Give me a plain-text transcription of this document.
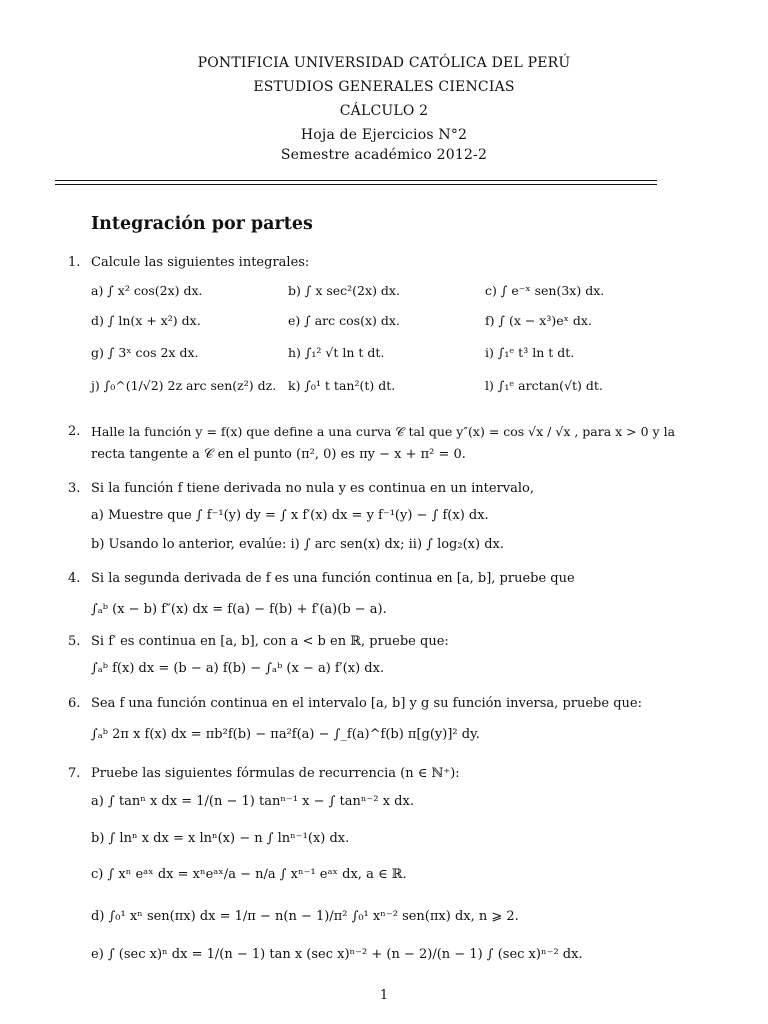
PONTIFICIA UNIVERSIDAD CATÓLICA DEL PERÚ
ESTUDIOS GENERALES CIENCIAS
CÁLCULO 2
Hoja de Ejercicios N°2
Semestre académico 2012-2
Integración por partes
1. Calcule las siguientes integrales:
a) ∫ x² cos(2x) dx.	b) ∫ x sec²(2x) dx.	c) ∫ e⁻ˣ sen(3x) dx.
d) ∫ ln(x + x²) dx.	e) ∫ arc cos(x) dx.	f) ∫ (x − x³)eˣ dx.
g) ∫ 3ˣ cos 2x dx.	h) ∫₁² √t ln t dt.	i) ∫₁ᵉ t³ ln t dt.
j) ∫₀^(1/√2) 2z arc sen(z²) dz. k) ∫₀¹ t tan²(t) dt.	l) ∫₁ᵉ arctan(√t) dt.
2. Halle la función y = f(x) que define a una curva 𝒞 tal que y″(x) = cos √x / √x , para x > 0 y la
recta tangente a 𝒞 en el punto (π², 0) es πy − x + π² = 0.
3. Si la función f tiene derivada no nula y es continua en un intervalo,
a) Muestre que ∫ f⁻¹(y) dy = ∫ x f′(x) dx = y f⁻¹(y) − ∫ f(x) dx.
b) Usando lo anterior, evalúe: i) ∫ arc sen(x) dx; ii) ∫ log₂(x) dx.
4. Si la segunda derivada de f es una función continua en [a, b], pruebe que
∫ₐᵇ (x − b) f″(x) dx = f(a) − f(b) + f′(a)(b − a).
5. Si f′ es continua en [a, b], con a < b en ℝ, pruebe que:
∫ₐᵇ f(x) dx = (b − a) f(b) − ∫ₐᵇ (x − a) f′(x) dx.
6. Sea f una función continua en el intervalo [a, b] y g su función inversa, pruebe que:
∫ₐᵇ 2π x f(x) dx = πb²f(b) − πa²f(a) − ∫_f(a)^f(b) π[g(y)]² dy.
7. Pruebe las siguientes fórmulas de recurrencia (n ∈ ℕ⁺):
a) ∫ tanⁿ x dx = 1/(n − 1) tanⁿ⁻¹ x − ∫ tanⁿ⁻² x dx.
b) ∫ lnⁿ x dx = x lnⁿ(x) − n ∫ lnⁿ⁻¹(x) dx.
c) ∫ xⁿ eᵃˣ dx = xⁿeᵃˣ/a − n/a ∫ xⁿ⁻¹ eᵃˣ dx, a ∈ ℝ.
d) ∫₀¹ xⁿ sen(πx) dx = 1/π − n(n − 1)/π² ∫₀¹ xⁿ⁻² sen(πx) dx, n ⩾ 2.
e) ∫ (sec x)ⁿ dx = 1/(n − 1) tan x (sec x)ⁿ⁻² + (n − 2)/(n − 1) ∫ (sec x)ⁿ⁻² dx.
1
